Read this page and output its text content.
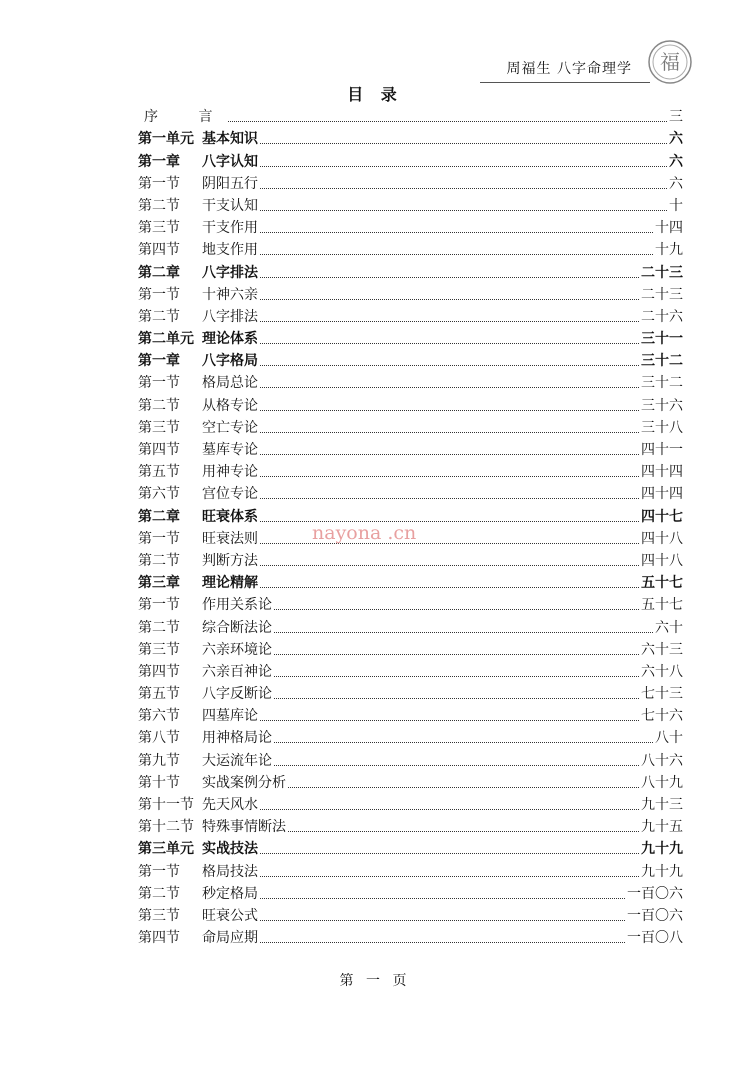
周福生 八字命理学 福
目 录
序 言	三
第一单元 基本知识	六
第一章	八字认知	六
第一节	阴阳五行	六
第二节	干支认知	十
第三节	干支作用	十四
第四节	地支作用	十九
第二章	八字排法	二十三
第一节	十神六亲	二十三
第二节	八字排法	二十六
第二单元 理论体系	三十一
第一章	八字格局	三十二
第一节	格局总论	三十二
第二节	从格专论	三十六
第三节	空亡专论	三十八
第四节	墓库专论	四十一
第五节	用神专论	四十四
第六节	宫位专论	四十四
第二章	旺衰体系	四十七
第一节	旺衰法则	四十八
第二节	判断方法	四十八
第三章	理论精解	五十七
第一节	作用关系论	五十七
第二节	综合断法论	六十
第三节	六亲环境论	六十三
第四节	六亲百神论	六十八
第五节	八字反断论	七十三
第六节	四墓库论	七十六
第八节	用神格局论	八十
第九节	大运流年论	八十六
第十节	实战案例分析	八十九
第十一节 先天风水	九十三
第十二节 特殊事情断法	九十五
第三单元 实战技法	九十九
第一节	格局技法	九十九
第二节	秒定格局	一百〇六
第三节	旺衰公式	一百〇六
第四节	命局应期	一百〇八
nayona .cn
第 一 页
